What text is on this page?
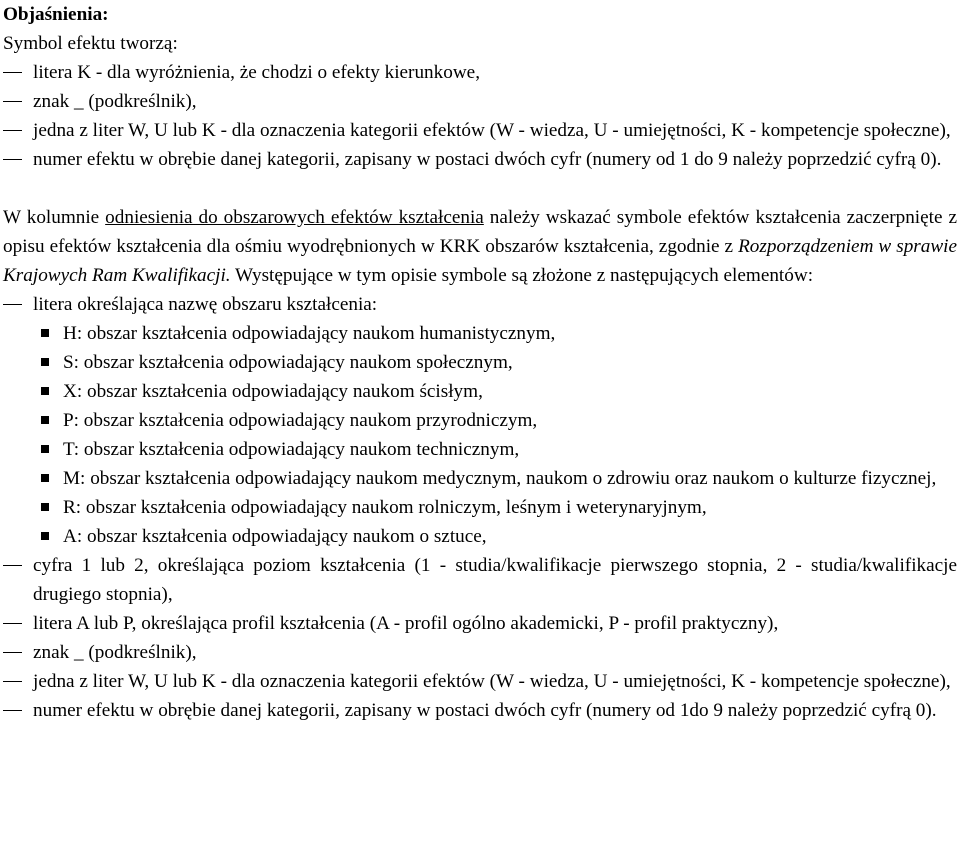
Objaśnienia:
Symbol efektu tworzą:
litera K - dla wyróżnienia, że chodzi o efekty kierunkowe,
znak _ (podkreślnik),
jedna z liter W, U lub K - dla oznaczenia kategorii efektów (W - wiedza, U - umiejętności, K - kompetencje społeczne),
numer efektu w obrębie danej kategorii, zapisany w postaci dwóch cyfr (numery od 1 do 9 należy poprzedzić cyfrą 0).
W kolumnie odniesienia do obszarowych efektów kształcenia należy wskazać symbole efektów kształcenia zaczerpnięte z opisu efektów kształcenia dla ośmiu wyodrębnionych w KRK obszarów kształcenia, zgodnie z Rozporządzeniem w sprawie Krajowych Ram Kwalifikacji. Występujące w tym opisie symbole są złożone z następujących elementów:
litera określająca nazwę obszaru kształcenia:
H: obszar kształcenia odpowiadający naukom humanistycznym,
S: obszar kształcenia odpowiadający naukom społecznym,
X: obszar kształcenia odpowiadający naukom ścisłym,
P: obszar kształcenia odpowiadający naukom przyrodniczym,
T: obszar kształcenia odpowiadający naukom technicznym,
M: obszar kształcenia odpowiadający naukom medycznym, naukom o zdrowiu oraz naukom o kulturze fizycznej,
R: obszar kształcenia odpowiadający naukom rolniczym, leśnym i weterynaryjnym,
A: obszar kształcenia odpowiadający naukom o sztuce,
cyfra 1 lub 2, określająca poziom kształcenia (1 - studia/kwalifikacje pierwszego stopnia, 2 - studia/kwalifikacje drugiego stopnia),
litera A lub P, określająca profil kształcenia (A - profil ogólno akademicki, P - profil praktyczny),
znak _ (podkreślnik),
jedna z liter W, U lub K - dla oznaczenia kategorii efektów (W - wiedza, U - umiejętności, K - kompetencje społeczne),
numer efektu w obrębie danej kategorii, zapisany w postaci dwóch cyfr (numery od 1do 9 należy poprzedzić cyfrą 0).
